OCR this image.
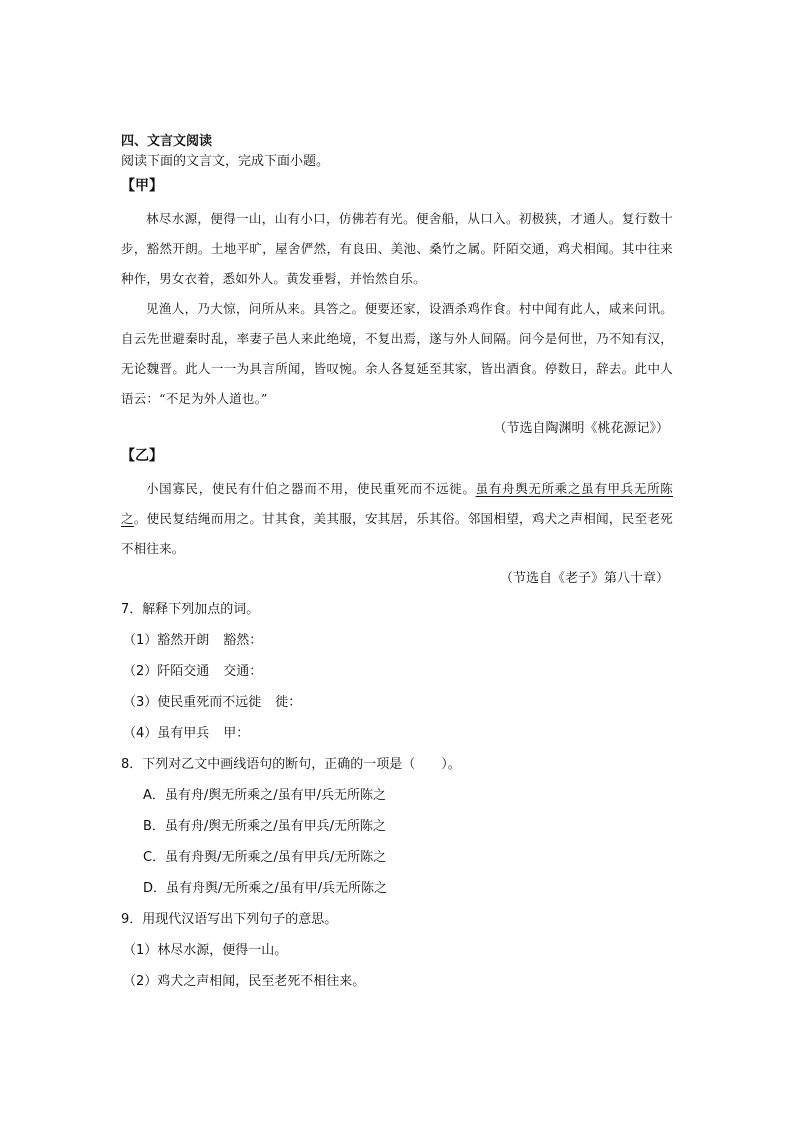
四、文言文阅读

阅读下面的文言文，完成下面小题。

【甲】

林尽水源，便得一山，山有小口，仿佛若有光。便舍船，从口入。初极狭，才通人。复行数十步，豁然开朗。土地平旷，屋舍俨然，有良田、美池、桑竹之属。阡陌交通，鸡犬相闻。其中往来种作，男女衣着，悉如外人。黄发垂髫，并怡然自乐。

见渔人，乃大惊，问所从来。具答之。便要还家，设酒杀鸡作食。村中闻有此人，咸来问讯。自云先世避秦时乱，率妻子邑人来此绝境，不复出焉，遂与外人间隔。问今是何世，乃不知有汉，无论魏晋。此人一一为具言所闻，皆叹惋。余人各复延至其家，皆出酒食。停数日，辞去。此中人语云：“不足为外人道也。”

（节选自陶渊明《桃花源记》）

【乙】

小国寡民，使民有什伯之器而不用，使民重死而不远徙。虽有舟舆无所乘之虽有甲兵无所陈之。使民复结绳而用之。甘其食，美其服，安其居，乐其俗。邻国相望，鸡犬之声相闻，民至老死不相往来。

（节选自《老子》第八十章）

7．解释下列加点的词。

（1）豁然开朗 豁然：

（2）阡陌交通 交通：

（3）使民重死而不远徙 徙：

（4）虽有甲兵 甲：

8．下列对乙文中画线语句的断句，正确的一项是（　　）。

A．虽有舟/舆无所乘之/虽有甲/兵无所陈之

B．虽有舟/舆无所乘之/虽有甲兵/无所陈之

C．虽有舟舆/无所乘之/虽有甲兵/无所陈之

D．虽有舟舆/无所乘之/虽有甲/兵无所陈之

9．用现代汉语写出下列句子的意思。

（1）林尽水源，便得一山。

（2）鸡犬之声相闻，民至老死不相往来。
